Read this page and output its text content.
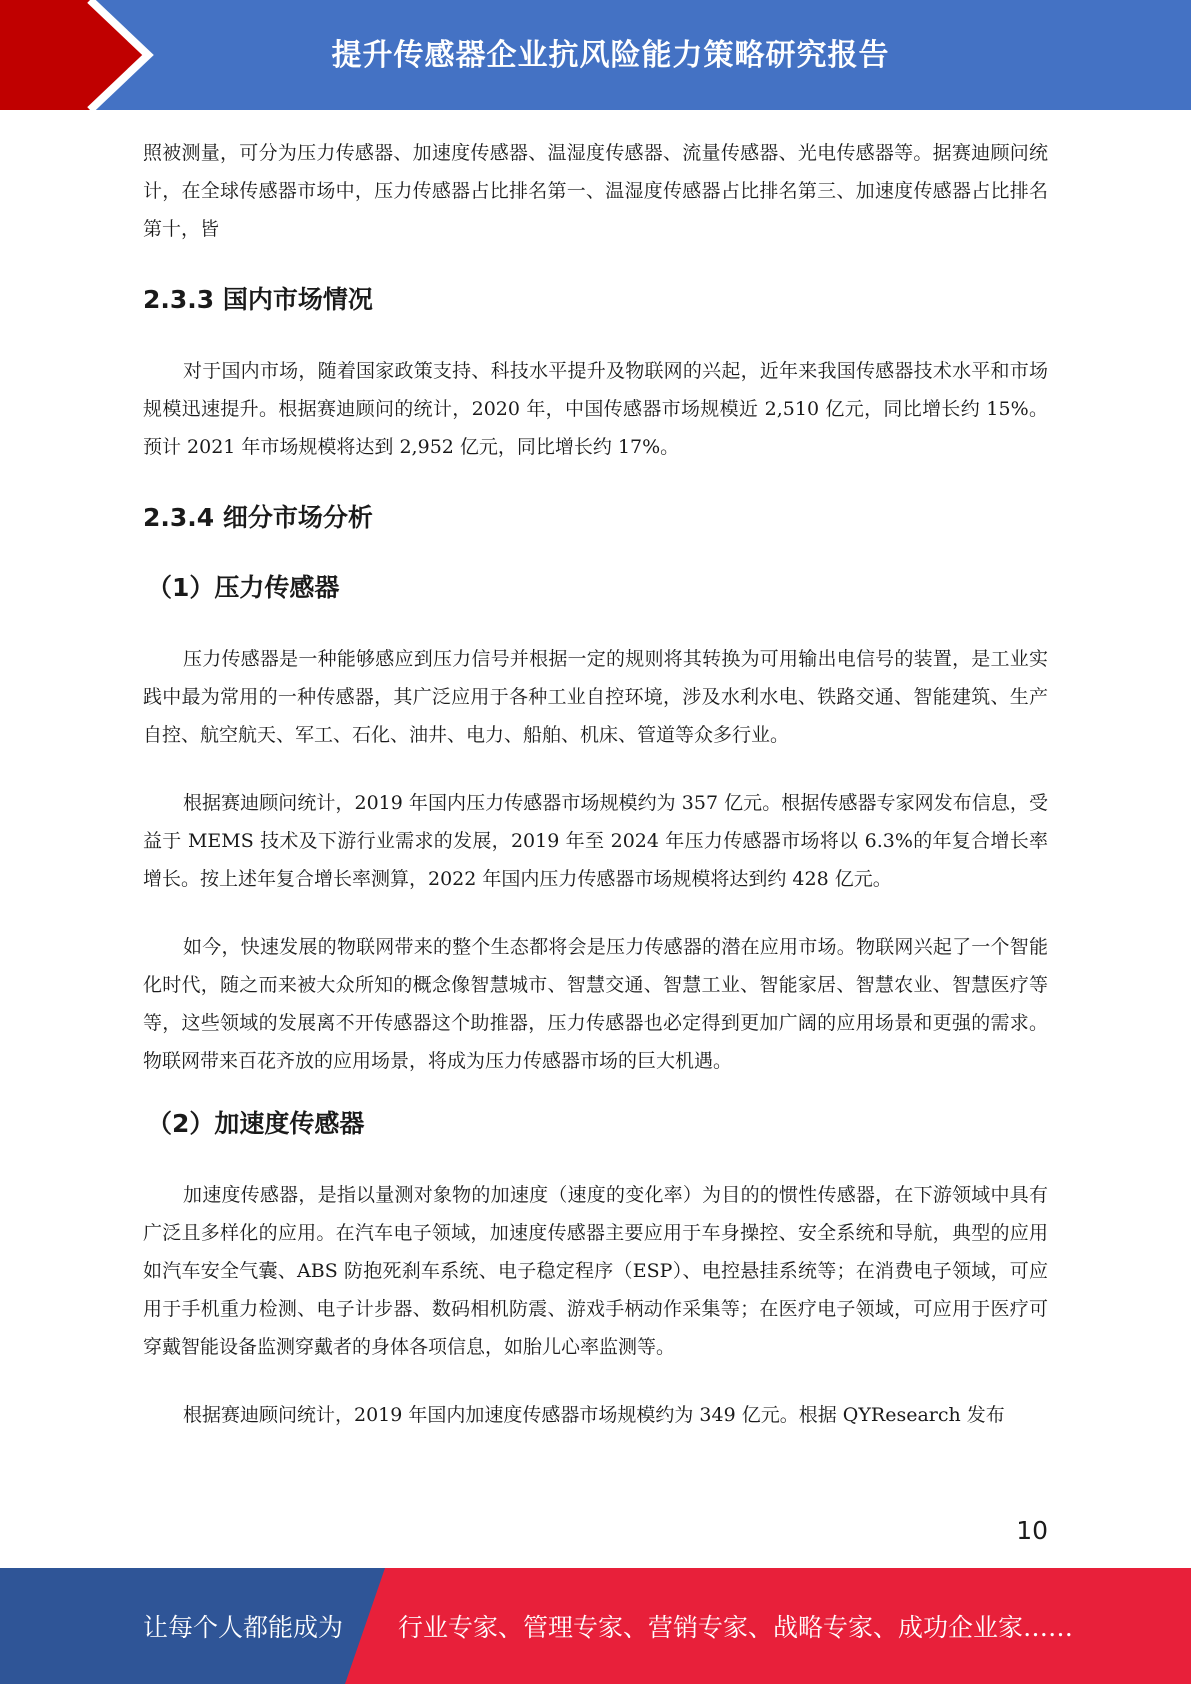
提升传感器企业抗风险能力策略研究报告

照被测量，可分为压力传感器、加速度传感器、温湿度传感器、流量传感器、光电传感器等。据赛迪顾问统计，在全球传感器市场中，压力传感器占比排名第一、温湿度传感器占比排名第三、加速度传感器占比排名第十，皆

2.3.3 国内市场情况

对于国内市场，随着国家政策支持、科技水平提升及物联网的兴起，近年来我国传感器技术水平和市场规模迅速提升。根据赛迪顾问的统计，2020 年，中国传感器市场规模近 2,510 亿元，同比增长约 15%。预计 2021 年市场规模将达到 2,952 亿元，同比增长约 17%。

2.3.4 细分市场分析
（1）压力传感器

压力传感器是一种能够感应到压力信号并根据一定的规则将其转换为可用输出电信号的装置，是工业实践中最为常用的一种传感器，其广泛应用于各种工业自控环境，涉及水利水电、铁路交通、智能建筑、生产自控、航空航天、军工、石化、油井、电力、船舶、机床、管道等众多行业。

根据赛迪顾问统计，2019 年国内压力传感器市场规模约为 357 亿元。根据传感器专家网发布信息，受益于 MEMS 技术及下游行业需求的发展，2019 年至 2024 年压力传感器市场将以 6.3%的年复合增长率增长。按上述年复合增长率测算，2022 年国内压力传感器市场规模将达到约 428 亿元。

如今，快速发展的物联网带来的整个生态都将会是压力传感器的潜在应用市场。物联网兴起了一个智能化时代，随之而来被大众所知的概念像智慧城市、智慧交通、智慧工业、智能家居、智慧农业、智慧医疗等等，这些领域的发展离不开传感器这个助推器，压力传感器也必定得到更加广阔的应用场景和更强的需求。物联网带来百花齐放的应用场景，将成为压力传感器市场的巨大机遇。

（2）加速度传感器

加速度传感器，是指以量测对象物的加速度（速度的变化率）为目的的惯性传感器，在下游领域中具有广泛且多样化的应用。在汽车电子领域，加速度传感器主要应用于车身操控、安全系统和导航，典型的应用如汽车安全气囊、ABS 防抱死刹车系统、电子稳定程序（ESP）、电控悬挂系统等；在消费电子领域，可应用于手机重力检测、电子计步器、数码相机防震、游戏手柄动作采集等；在医疗电子领域，可应用于医疗可穿戴智能设备监测穿戴者的身体各项信息，如胎儿心率监测等。

根据赛迪顾问统计，2019 年国内加速度传感器市场规模约为 349 亿元。根据 QYResearch 发布

10
让每个人都能成为 行业专家、管理专家、营销专家、战略专家、成功企业家……
